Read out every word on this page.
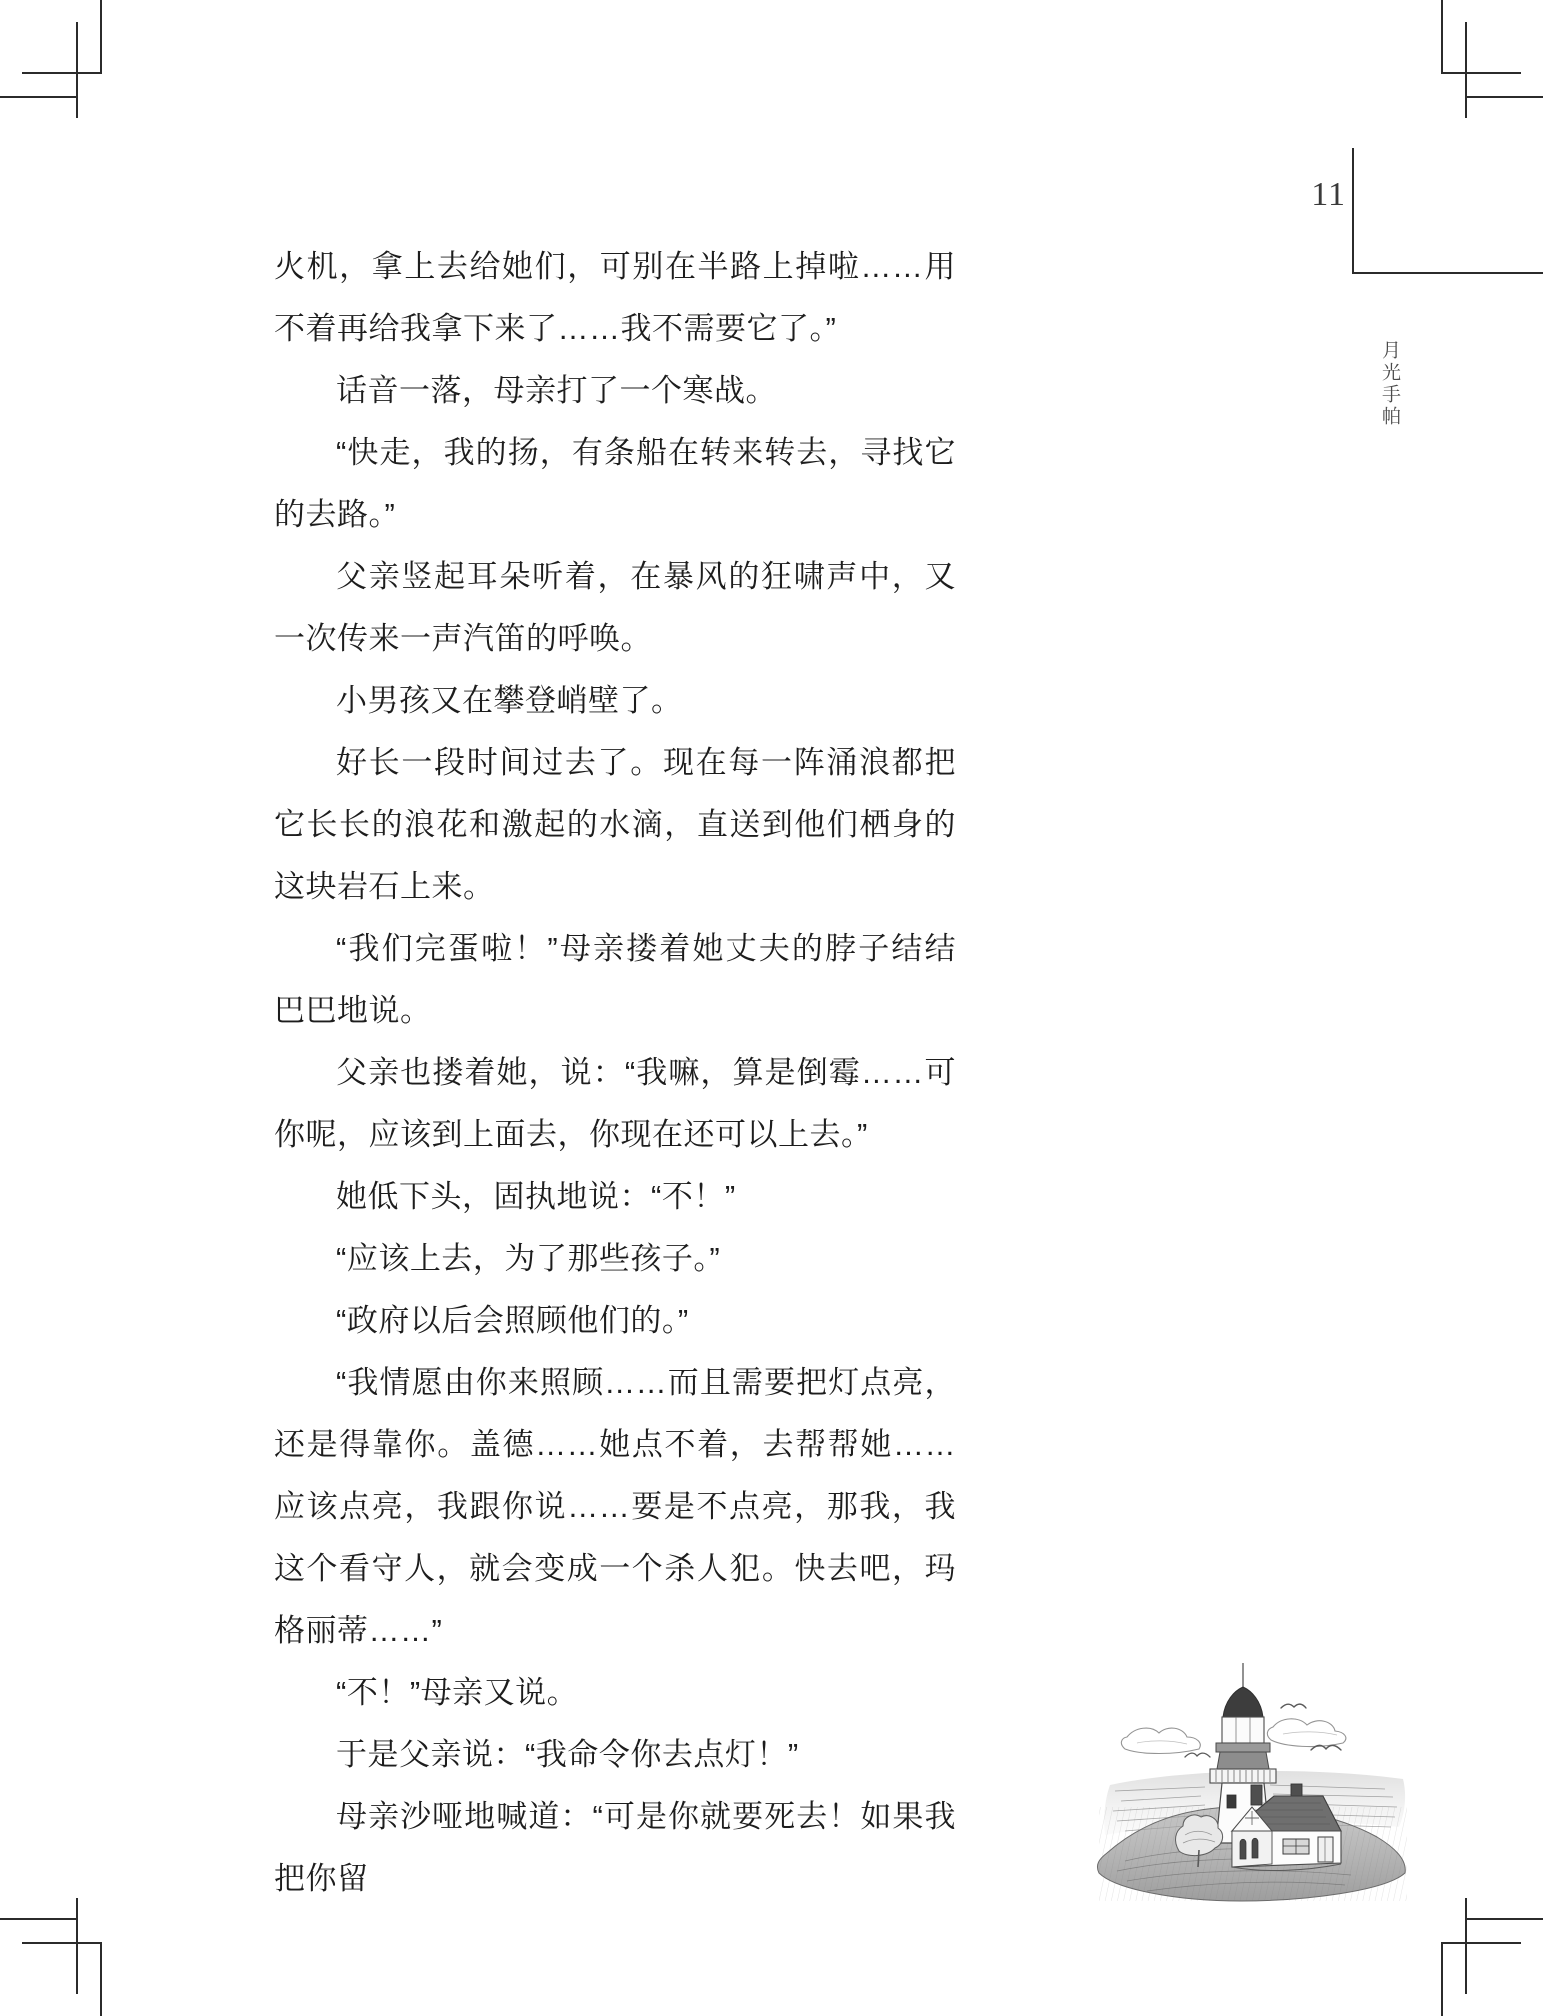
11
月光手帕

火机，拿上去给她们，可别在半路上掉啦……用不着再给我拿下来了……我不需要它了。”

话音一落，母亲打了一个寒战。

“快走，我的扬，有条船在转来转去，寻找它的去路。”

父亲竖起耳朵听着，在暴风的狂啸声中，又一次传来一声汽笛的呼唤。

小男孩又在攀登峭壁了。

好长一段时间过去了。现在每一阵涌浪都把它长长的浪花和激起的水滴，直送到他们栖身的这块岩石上来。

“我们完蛋啦！”母亲搂着她丈夫的脖子结结巴巴地说。

父亲也搂着她，说：“我嘛，算是倒霉……可你呢，应该到上面去，你现在还可以上去。”

她低下头，固执地说：“不！”

“应该上去，为了那些孩子。”

“政府以后会照顾他们的。”

“我情愿由你来照顾……而且需要把灯点亮，还是得靠你。盖德……她点不着，去帮帮她……应该点亮，我跟你说……要是不点亮，那我，我这个看守人，就会变成一个杀人犯。快去吧，玛格丽蒂……”

“不！”母亲又说。

于是父亲说：“我命令你去点灯！”

母亲沙哑地喊道：“可是你就要死去！如果我把你留
